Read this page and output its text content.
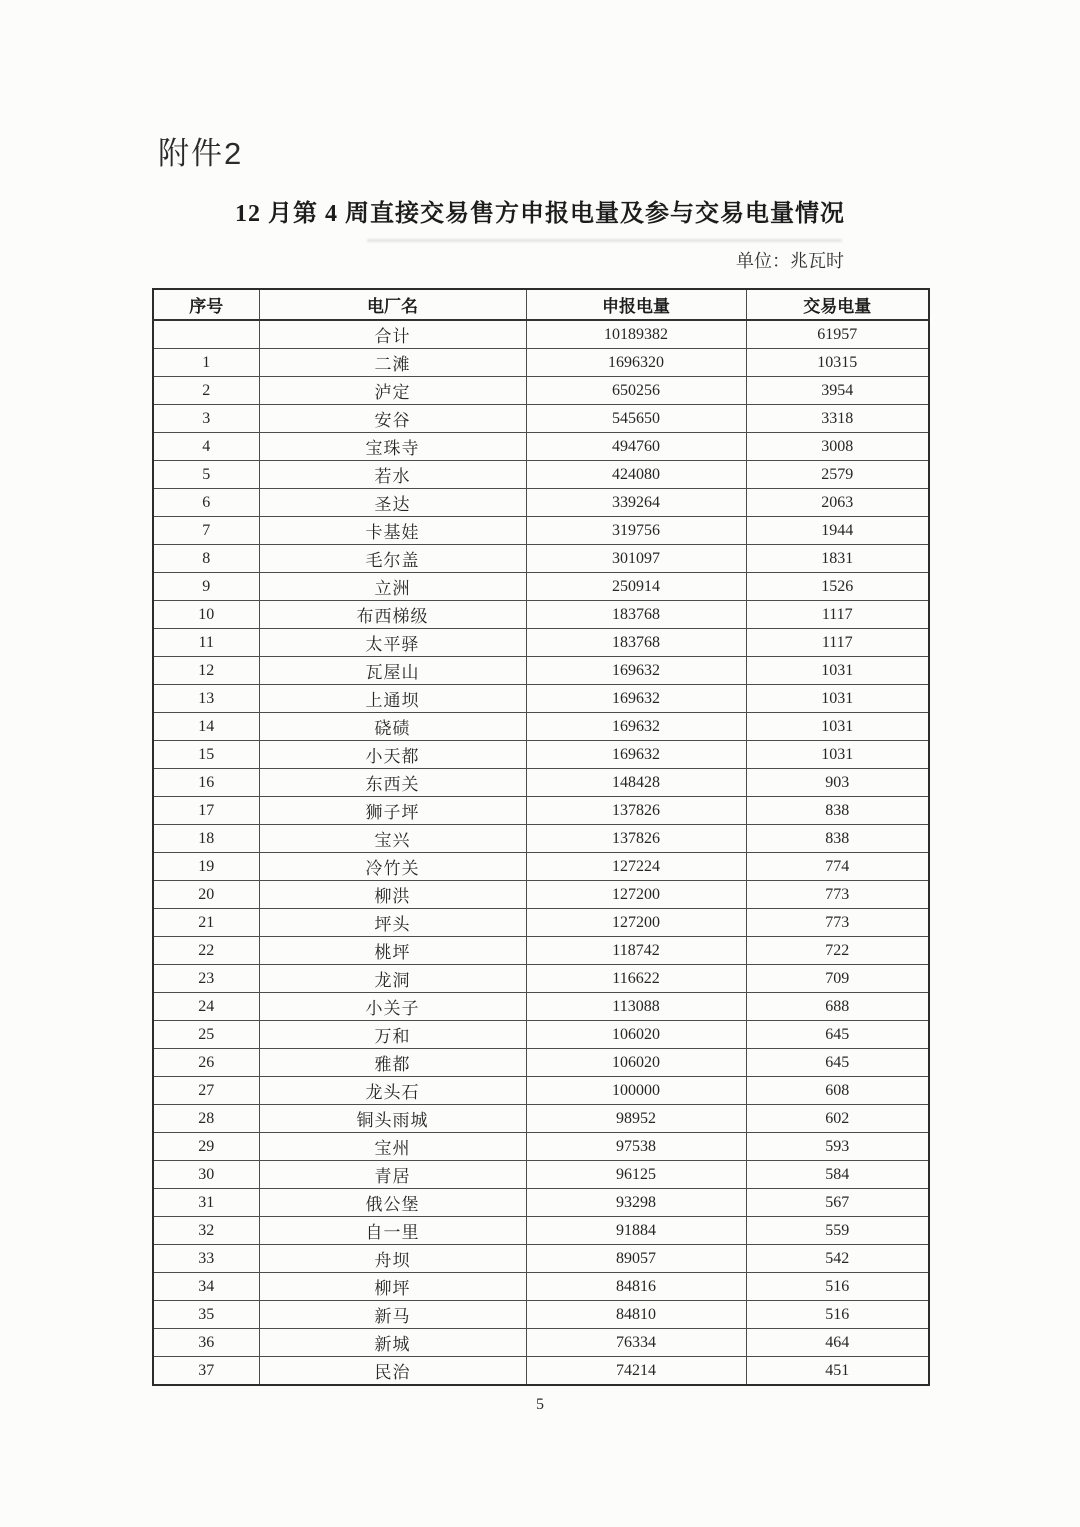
附件2
12 月第 4 周直接交易售方申报电量及参与交易电量情况
单位：兆瓦时
序号	电厂名	申报电量	交易电量
	合计	10189382	61957
1	二滩	1696320	10315
2	泸定	650256	3954
3	安谷	545650	3318
4	宝珠寺	494760	3008
5	若水	424080	2579
6	圣达	339264	2063
7	卡基娃	319756	1944
8	毛尔盖	301097	1831
9	立洲	250914	1526
10	布西梯级	183768	1117
11	太平驿	183768	1117
12	瓦屋山	169632	1031
13	上通坝	169632	1031
14	硗碛	169632	1031
15	小天都	169632	1031
16	东西关	148428	903
17	狮子坪	137826	838
18	宝兴	137826	838
19	冷竹关	127224	774
20	柳洪	127200	773
21	坪头	127200	773
22	桃坪	118742	722
23	龙洞	116622	709
24	小关子	113088	688
25	万和	106020	645
26	雅都	106020	645
27	龙头石	100000	608
28	铜头雨城	98952	602
29	宝州	97538	593
30	青居	96125	584
31	俄公堡	93298	567
32	自一里	91884	559
33	舟坝	89057	542
34	柳坪	84816	516
35	新马	84810	516
36	新城	76334	464
37	民治	74214	451
5
